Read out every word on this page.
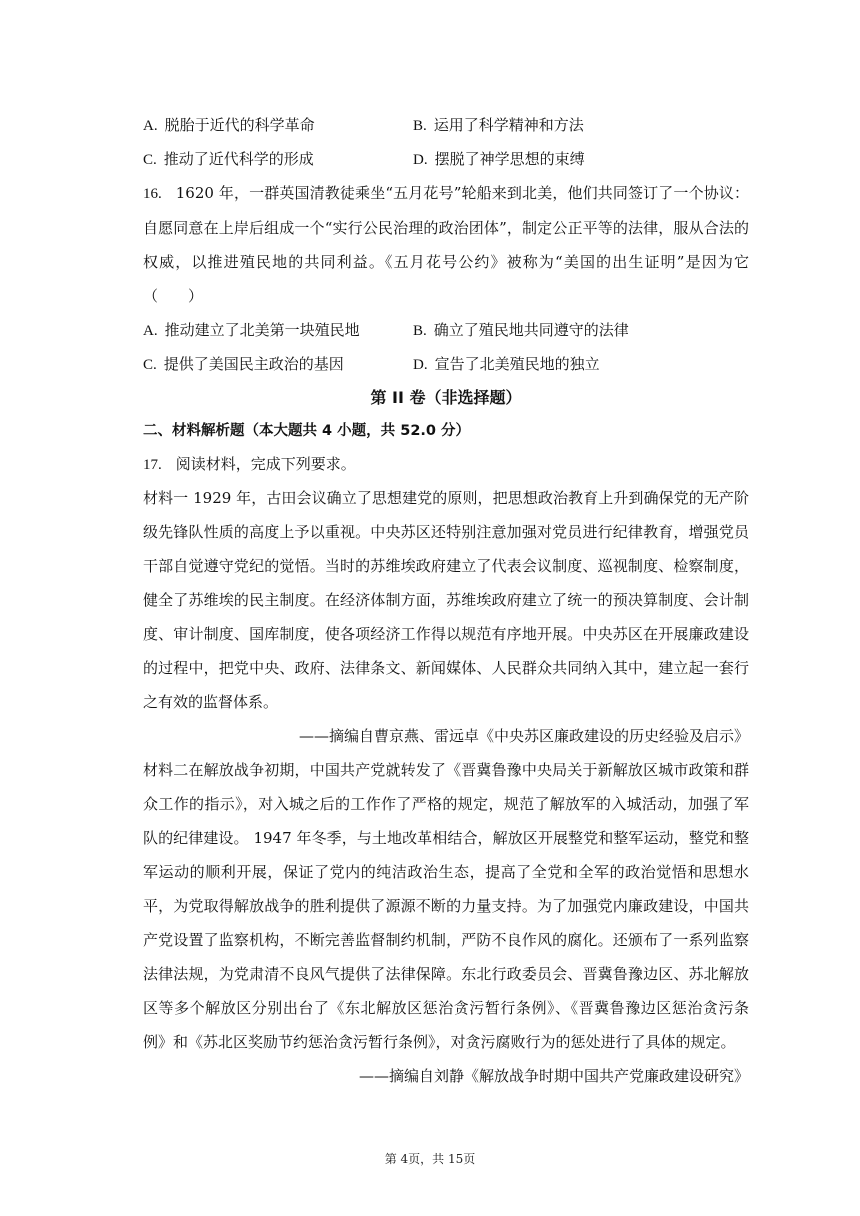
A. 脱胎于近代的科学革命	B. 运用了科学精神和方法
C. 推动了近代科学的形成	D. 摆脱了神学思想的束缚
16. 1620 年，一群英国清教徒乘坐“五月花号”轮船来到北美，他们共同签订了一个协议：自愿同意在上岸后组成一个“实行公民治理的政治团体”，制定公正平等的法律，服从合法的权威，以推进殖民地的共同利益。《五月花号公约》被称为“美国的出生证明”是因为它（　　）
A. 推动建立了北美第一块殖民地	B. 确立了殖民地共同遵守的法律
C. 提供了美国民主政治的基因	D. 宣告了北美殖民地的独立
第 II 卷（非选择题）
二、材料解析题（本大题共 4 小题，共 52.0 分）
17. 阅读材料，完成下列要求。
材料一 1929 年，古田会议确立了思想建党的原则，把思想政治教育上升到确保党的无产阶级先锋队性质的高度上予以重视。中央苏区还特别注意加强对党员进行纪律教育，增强党员干部自觉遵守党纪的觉悟。当时的苏维埃政府建立了代表会议制度、巡视制度、检察制度，健全了苏维埃的民主制度。在经济体制方面，苏维埃政府建立了统一的预决算制度、会计制度、审计制度、国库制度，使各项经济工作得以规范有序地开展。中央苏区在开展廉政建设的过程中，把党中央、政府、法律条文、新闻媒体、人民群众共同纳入其中，建立起一套行之有效的监督体系。
——摘编自曹京燕、雷远卓《中央苏区廉政建设的历史经验及启示》
材料二在解放战争初期，中国共产党就转发了《晋冀鲁豫中央局关于新解放区城市政策和群众工作的指示》，对入城之后的工作作了严格的规定，规范了解放军的入城活动，加强了军队的纪律建设。 1947 年冬季，与土地改革相结合，解放区开展整党和整军运动，整党和整军运动的顺利开展，保证了党内的纯洁政治生态，提高了全党和全军的政治觉悟和思想水平，为党取得解放战争的胜利提供了源源不断的力量支持。为了加强党内廉政建设，中国共产党设置了监察机构，不断完善监督制约机制，严防不良作风的腐化。还颁布了一系列监察法律法规，为党肃清不良风气提供了法律保障。东北行政委员会、晋冀鲁豫边区、苏北解放区等多个解放区分别出台了《东北解放区惩治贪污暂行条例》、《晋冀鲁豫边区惩治贪污条例》和《苏北区奖励节约惩治贪污暂行条例》，对贪污腐败行为的惩处进行了具体的规定。
——摘编自刘静《解放战争时期中国共产党廉政建设研究》
第 4页，共 15页
